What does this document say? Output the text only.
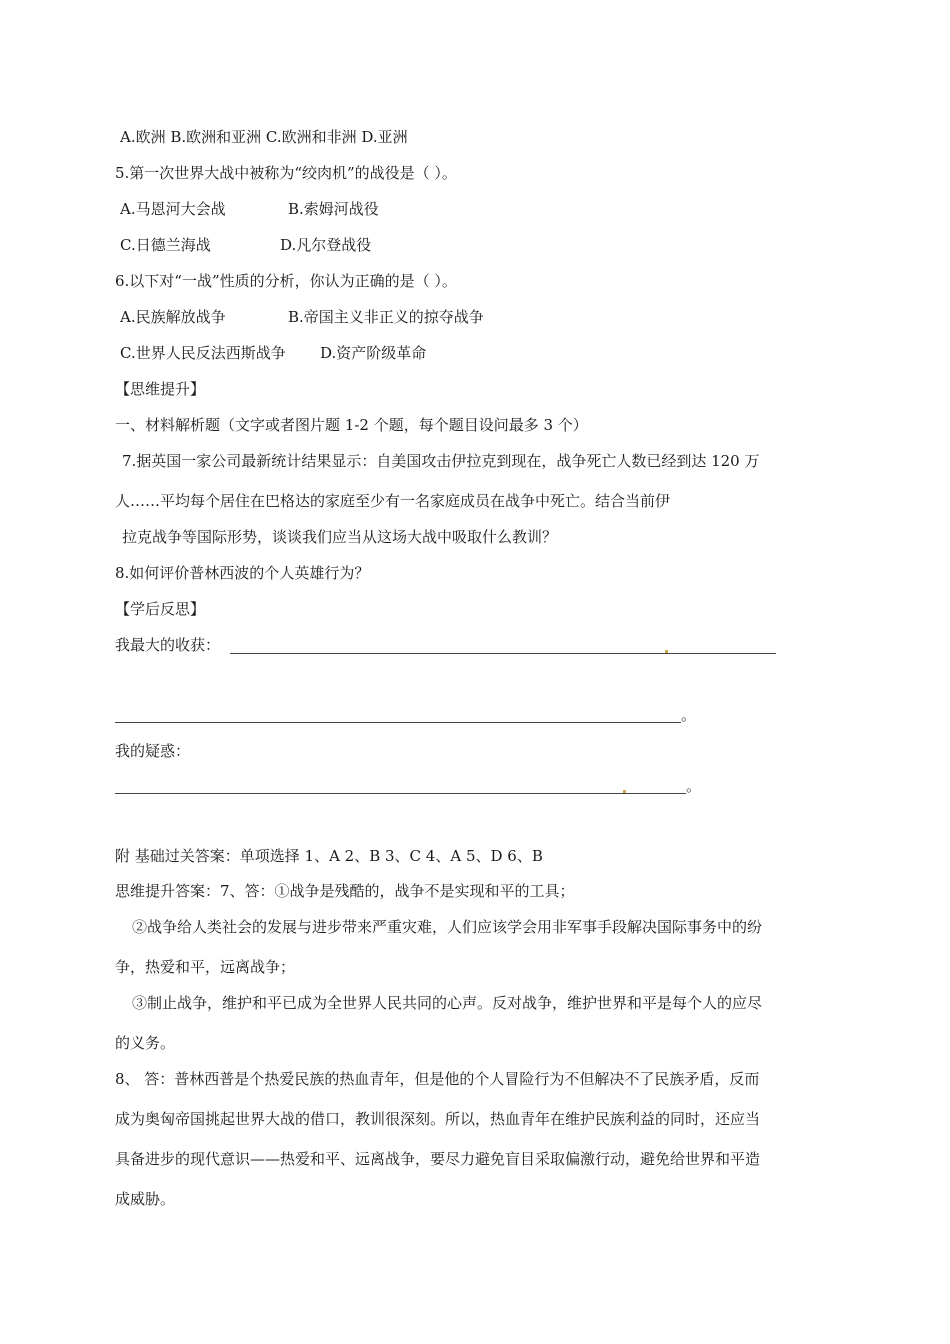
A.欧洲 B.欧洲和亚洲 C.欧洲和非洲 D.亚洲
5.第一次世界大战中被称为“绞肉机”的战役是（ ）。
A.马恩河大会战	B.索姆河战役
C.日德兰海战	D.凡尔登战役
6.以下对“一战”性质的分析，你认为正确的是（ ）。
A.民族解放战争	B.帝国主义非正义的掠夺战争
C.世界人民反法西斯战争 D.资产阶级革命
【思维提升】
一、材料解析题（文字或者图片题 1-2 个题，每个题目设问最多 3 个）
7.据英国一家公司最新统计结果显示：自美国攻击伊拉克到现在，战争死亡人数已经到达 120 万
人……平均每个居住在巴格达的家庭至少有一名家庭成员在战争中死亡。结合当前伊
拉克战争等国际形势，谈谈我们应当从这场大战中吸取什么教训？
8.如何评价普林西波的个人英雄行为？
【学后反思】
我最大的收获：
。
我的疑惑：
。
附 基础过关答案：单项选择 1、A 2、B 3、C 4、A 5、D 6、B
思维提升答案：7、答：①战争是残酷的，战争不是实现和平的工具；
②战争给人类社会的发展与进步带来严重灾难，人们应该学会用非军事手段解决国际事务中的纷
争，热爱和平，远离战争；
③制止战争，维护和平已成为全世界人民共同的心声。反对战争，维护世界和平是每个人的应尽
的义务。
8、 答：普林西普是个热爱民族的热血青年，但是他的个人冒险行为不但解决不了民族矛盾，反而
成为奥匈帝国挑起世界大战的借口，教训很深刻。所以，热血青年在维护民族利益的同时，还应当
具备进步的现代意识——热爱和平、远离战争，要尽力避免盲目采取偏激行动，避免给世界和平造
成威胁。
